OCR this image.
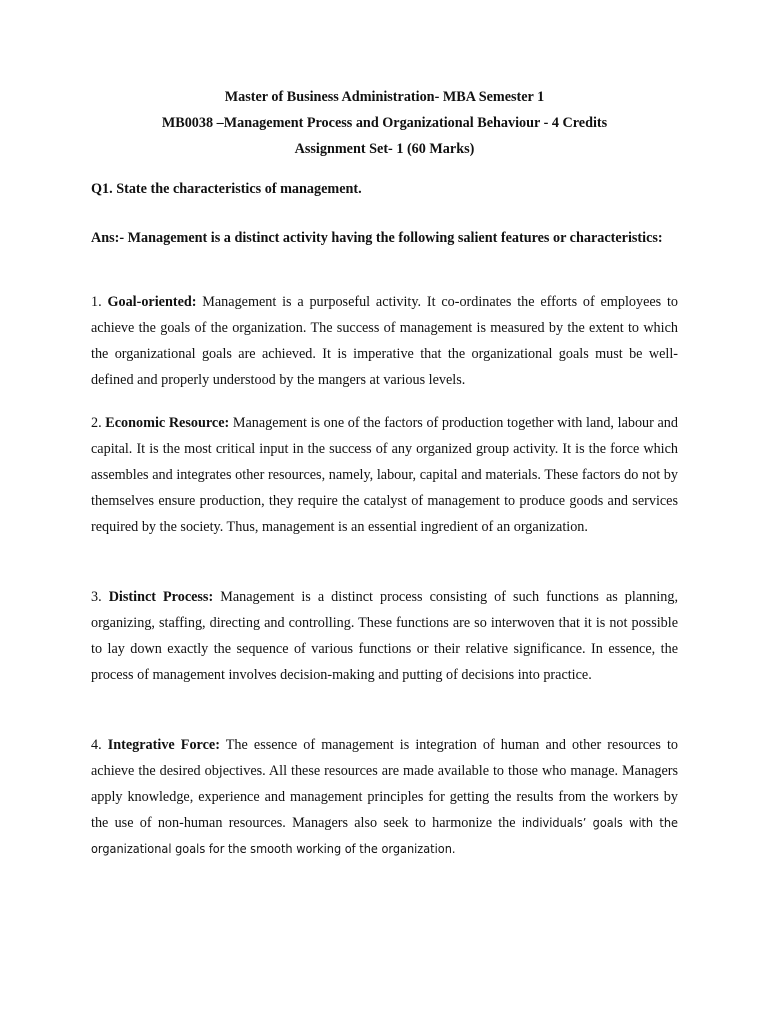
Master of Business Administration- MBA Semester 1

MB0038 –Management Process and Organizational Behaviour - 4 Credits

Assignment Set- 1 (60 Marks)

Q1. State the characteristics of management.

Ans:- Management is a distinct activity having the following salient features or characteristics:

1. Goal-oriented: Management is a purposeful activity. It co-ordinates the efforts of employees to achieve the goals of the organization. The success of management is measured by the extent to which the organizational goals are achieved. It is imperative that the organizational goals must be well-defined and properly understood by the mangers at various levels.

2. Economic Resource: Management is one of the factors of production together with land, labour and capital. It is the most critical input in the success of any organized group activity. It is the force which assembles and integrates other resources, namely, labour, capital and materials. These factors do not by themselves ensure production, they require the catalyst of management to produce goods and services required by the society. Thus, management is an essential ingredient of an organization.

3. Distinct Process: Management is a distinct process consisting of such functions as planning, organizing, staffing, directing and controlling. These functions are so interwoven that it is not possible to lay down exactly the sequence of various functions or their relative significance. In essence, the process of management involves decision-making and putting of decisions into practice.

4. Integrative Force: The essence of management is integration of human and other resources to achieve the desired objectives. All these resources are made available to those who manage. Managers apply knowledge, experience and management principles for getting the results from the workers by the use of non-human resources. Managers also seek to harmonize the individuals’ goals with the organizational goals for the smooth working of the organization.
